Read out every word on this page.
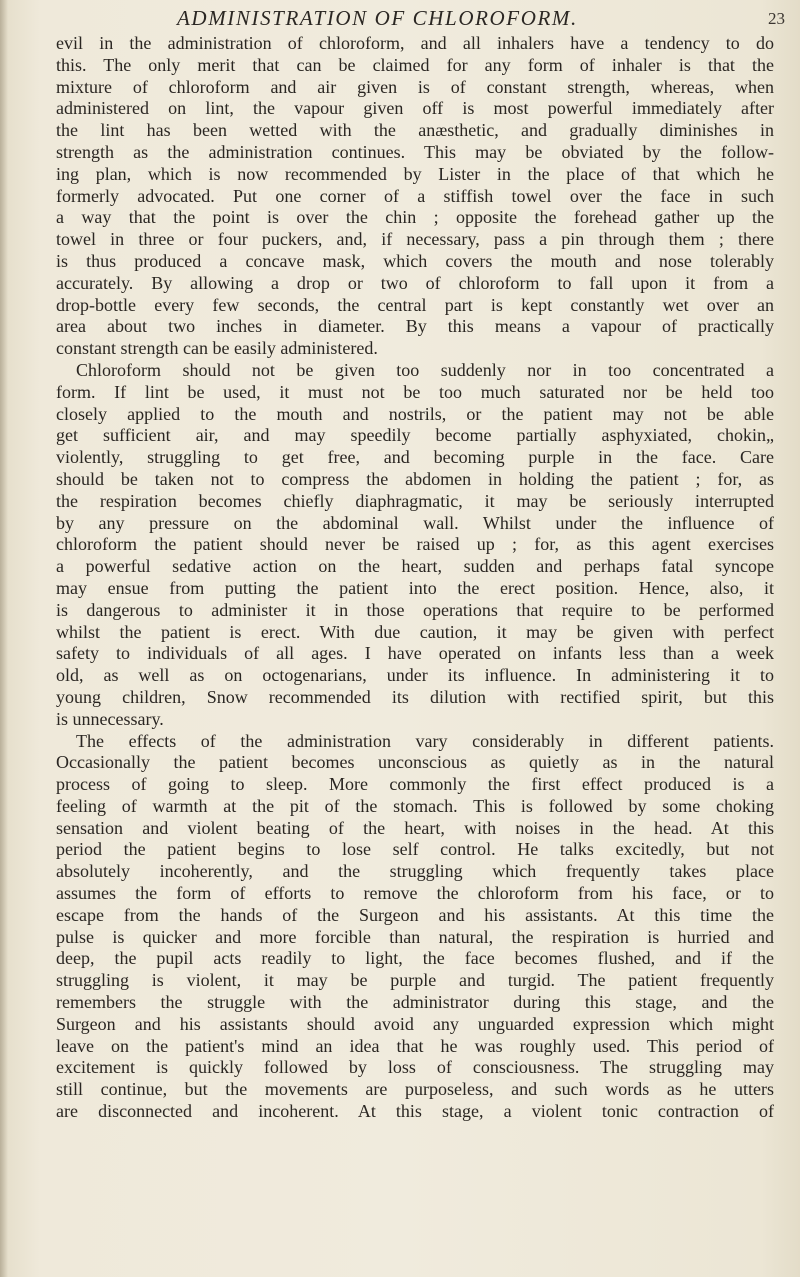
ADMINISTRATION OF CHLOROFORM.	23
evil in the administration of chloroform, and all inhalers have a tendency to do
this. The only merit that can be claimed for any form of inhaler is that the
mixture of chloroform and air given is of constant strength, whereas, when
administered on lint, the vapour given off is most powerful immediately after
the lint has been wetted with the anæsthetic, and gradually diminishes in
strength as the administration continues. This may be obviated by the follow-
ing plan, which is now recommended by Lister in the place of that which he
formerly advocated. Put one corner of a stiffish towel over the face in such
a way that the point is over the chin ; opposite the forehead gather up the
towel in three or four puckers, and, if necessary, pass a pin through them ; there
is thus produced a concave mask, which covers the mouth and nose tolerably
accurately. By allowing a drop or two of chloroform to fall upon it from a
drop-bottle every few seconds, the central part is kept constantly wet over an
area about two inches in diameter. By this means a vapour of practically
constant strength can be easily administered.
Chloroform should not be given too suddenly nor in too concentrated a
form. If lint be used, it must not be too much saturated nor be held too
closely applied to the mouth and nostrils, or the patient may not be able
get sufficient air, and may speedily become partially asphyxiated, chokin„
violently, struggling to get free, and becoming purple in the face. Care
should be taken not to compress the abdomen in holding the patient ; for, as
the respiration becomes chiefly diaphragmatic, it may be seriously interrupted
by any pressure on the abdominal wall. Whilst under the influence of
chloroform the patient should never be raised up ; for, as this agent exercises
a powerful sedative action on the heart, sudden and perhaps fatal syncope
may ensue from putting the patient into the erect position. Hence, also, it
is dangerous to administer it in those operations that require to be performed
whilst the patient is erect. With due caution, it may be given with perfect
safety to individuals of all ages. I have operated on infants less than a week
old, as well as on octogenarians, under its influence. In administering it to
young children, Snow recommended its dilution with rectified spirit, but this
is unnecessary.
The effects of the administration vary considerably in different patients.
Occasionally the patient becomes unconscious as quietly as in the natural
process of going to sleep. More commonly the first effect produced is a
feeling of warmth at the pit of the stomach. This is followed by some choking
sensation and violent beating of the heart, with noises in the head. At this
period the patient begins to lose self control. He talks excitedly, but not
absolutely incoherently, and the struggling which frequently takes place
assumes the form of efforts to remove the chloroform from his face, or to
escape from the hands of the Surgeon and his assistants. At this time the
pulse is quicker and more forcible than natural, the respiration is hurried and
deep, the pupil acts readily to light, the face becomes flushed, and if the
struggling is violent, it may be purple and turgid. The patient frequently
remembers the struggle with the administrator during this stage, and the
Surgeon and his assistants should avoid any unguarded expression which might
leave on the patient's mind an idea that he was roughly used. This period of
excitement is quickly followed by loss of consciousness. The struggling may
still continue, but the movements are purposeless, and such words as he utters
are disconnected and incoherent. At this stage, a violent tonic contraction of
